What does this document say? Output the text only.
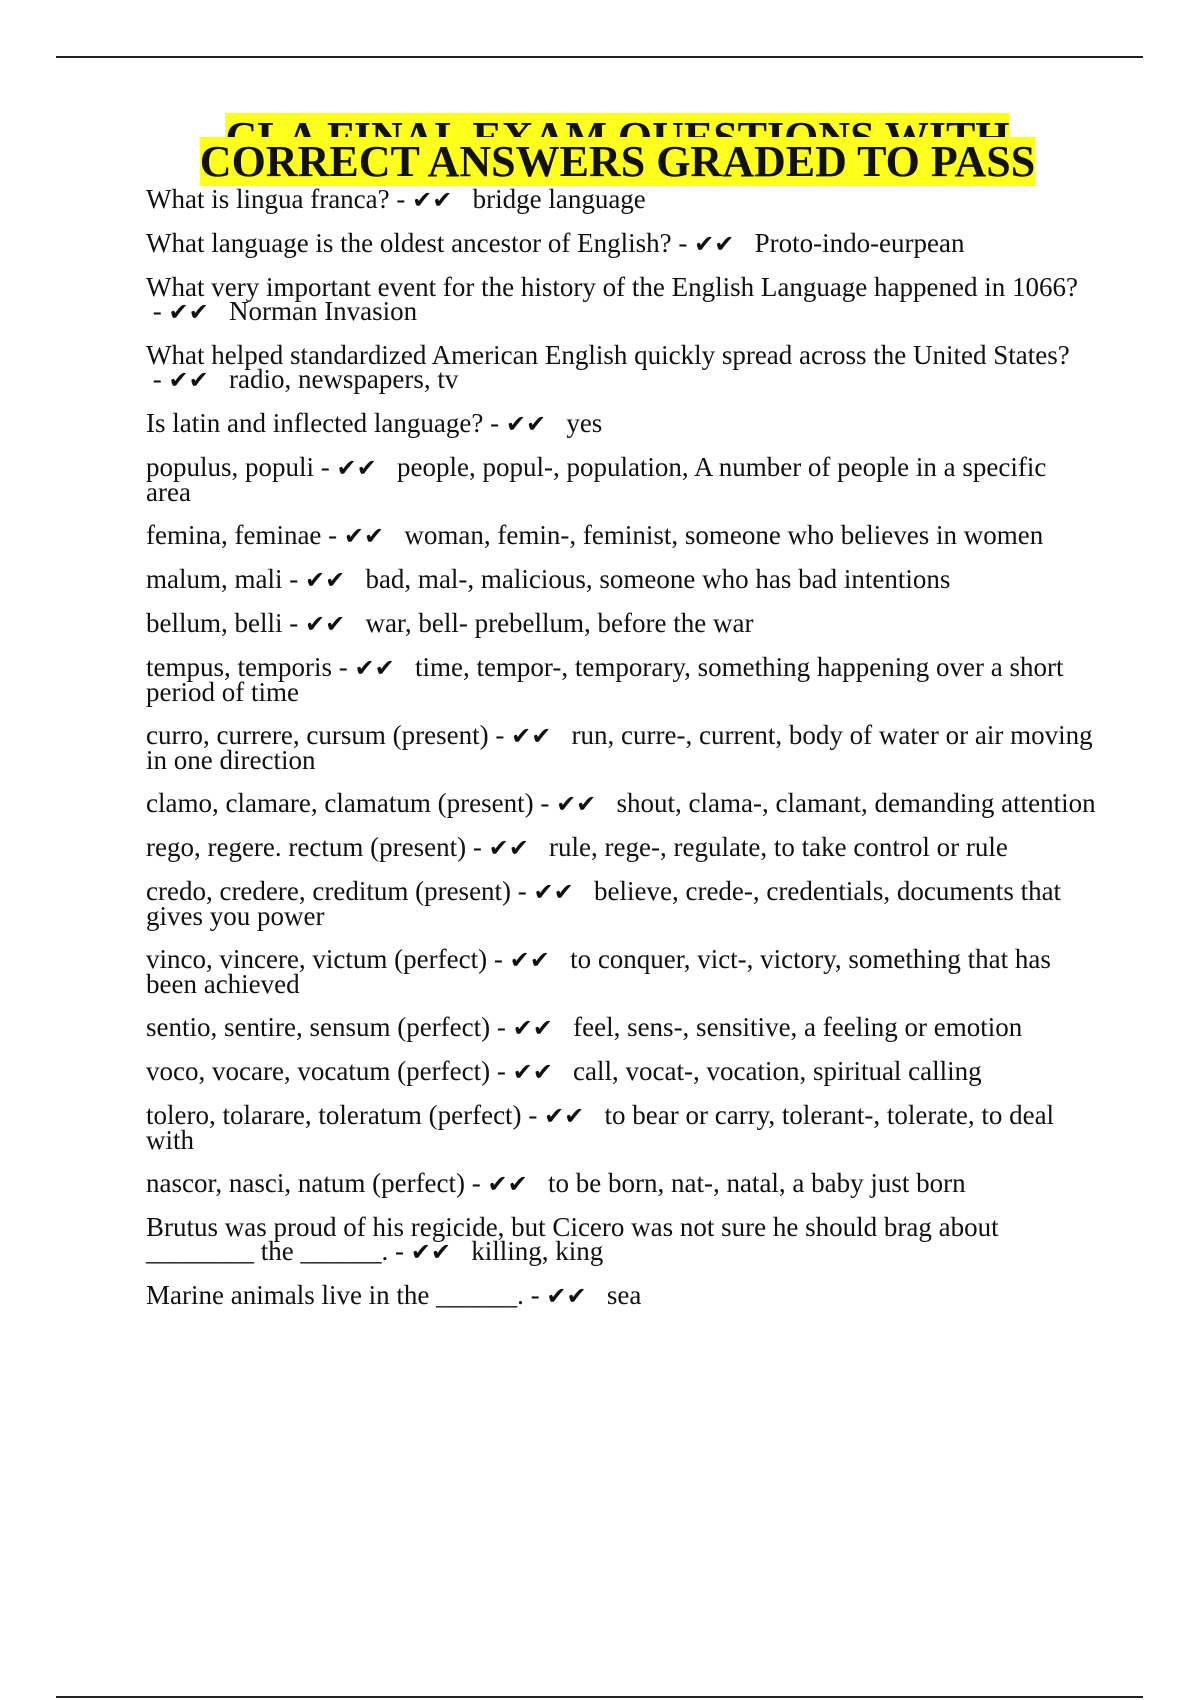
CLA FINAL EXAM QUESTIONS WITH CORRECT ANSWERS GRADED TO PASS

What is lingua franca? - ✔✔ bridge language

What language is the oldest ancestor of English? - ✔✔ Proto-indo-eurpean

What very important event for the history of the English Language happened in 1066? - ✔✔ Norman Invasion

What helped standardized American English quickly spread across the United States? - ✔✔ radio, newspapers, tv

Is latin and inflected language? - ✔✔ yes

populus, populi - ✔✔ people, popul-, population, A number of people in a specific area

femina, feminae - ✔✔ woman, femin-, feminist, someone who believes in women

malum, mali - ✔✔ bad, mal-, malicious, someone who has bad intentions

bellum, belli - ✔✔ war, bell- prebellum, before the war

tempus, temporis - ✔✔ time, tempor-, temporary, something happening over a short period of time

curro, currere, cursum (present) - ✔✔ run, curre-, current, body of water or air moving in one direction

clamo, clamare, clamatum (present) - ✔✔ shout, clama-, clamant, demanding attention

rego, regere. rectum (present) - ✔✔ rule, rege-, regulate, to take control or rule

credo, credere, creditum (present) - ✔✔ believe, crede-, credentials, documents that gives you power

vinco, vincere, victum (perfect) - ✔✔ to conquer, vict-, victory, something that has been achieved

sentio, sentire, sensum (perfect) - ✔✔ feel, sens-, sensitive, a feeling or emotion

voco, vocare, vocatum (perfect) - ✔✔ call, vocat-, vocation, spiritual calling

tolero, tolarare, toleratum (perfect) - ✔✔ to bear or carry, tolerant-, tolerate, to deal with

nascor, nasci, natum (perfect) - ✔✔ to be born, nat-, natal, a baby just born

Brutus was proud of his regicide, but Cicero was not sure he should brag about ________ the ______. - ✔✔ killing, king

Marine animals live in the ______. - ✔✔ sea
